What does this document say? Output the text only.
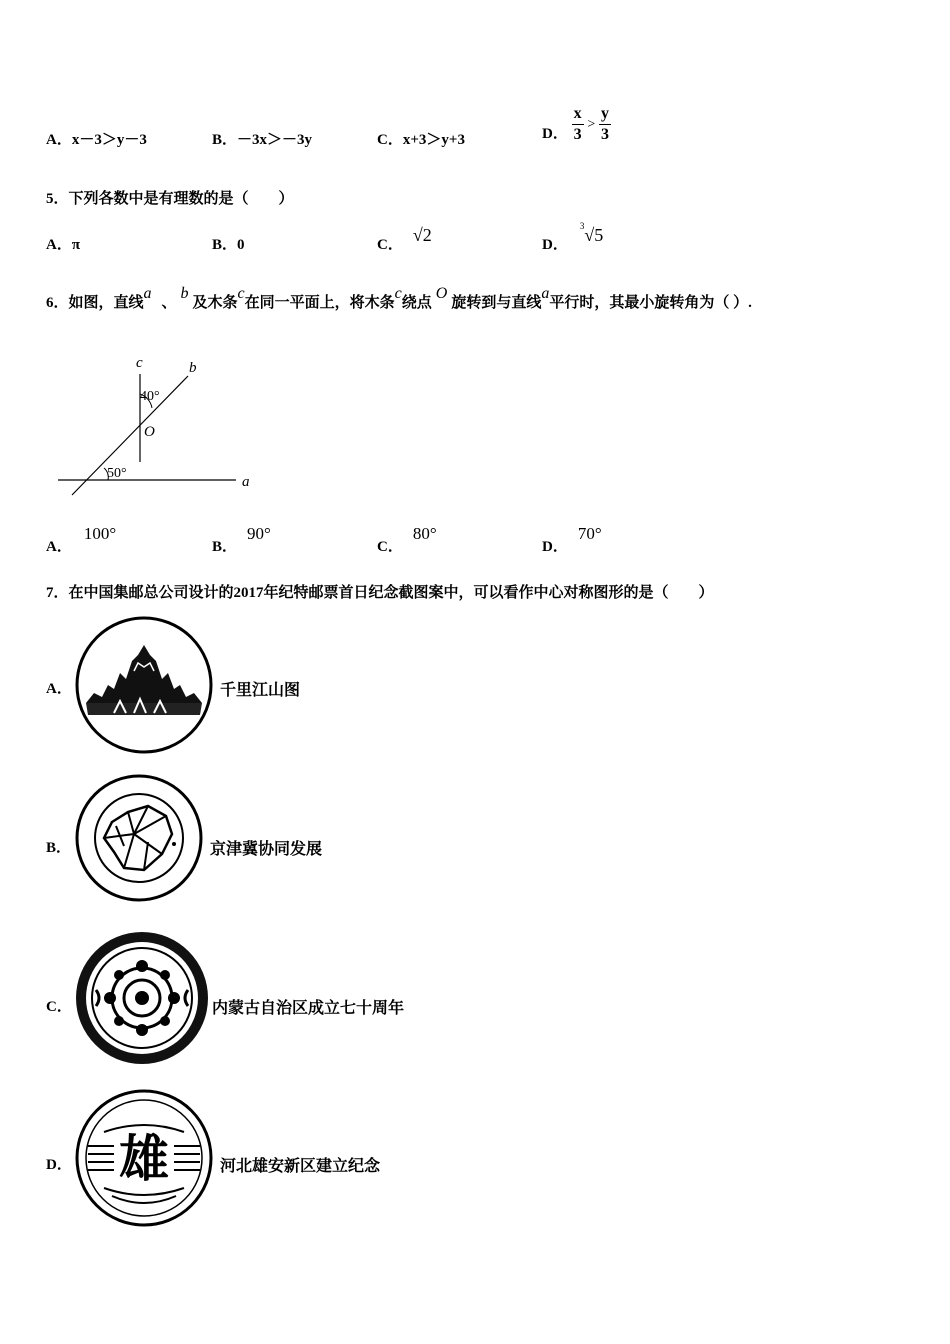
A．x－3＞y－3	B．－3x＞－3y	C．x+3＞y+3	D． $\frac{x}{3} > \frac{y}{3}$
5．下列各数中是有理数的是（　　）
A．π	B．0	C． √2	D．$^3$√5
6．如图，直线a、b及木条c在同一平面上，将木条c绕点O旋转到与直线a平行时，其最小旋转角为（ ）.
c	b
a
O
40°
50°
A．100°
B．90°
C．80°
D．70°
7．在中国集邮总公司设计的2017年纪特邮票首日纪念截图案中，可以看作中心对称图形的是（　　）
A．	千里江山图
B．	京津冀协同发展
C．	内蒙古自治区成立七十周年
D． 雄	河北雄安新区建立纪念
